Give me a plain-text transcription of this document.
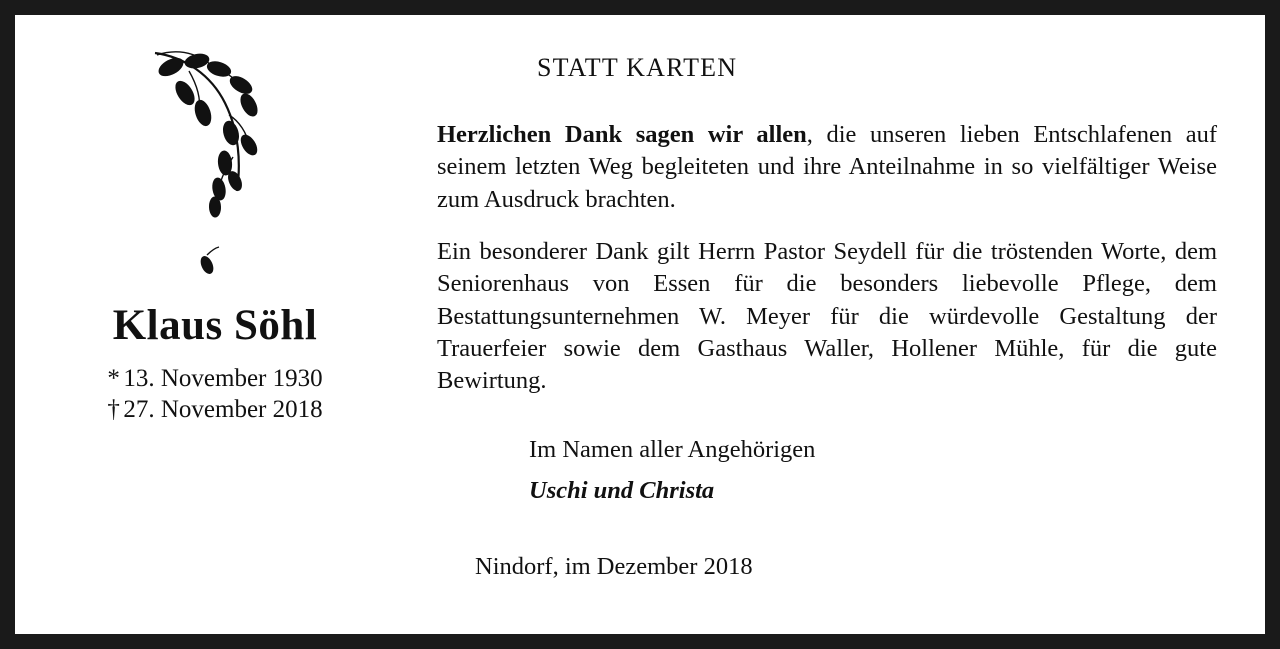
Klaus Söhl
* 13. November 1930
† 27. November 2018
STATT KARTEN

Herzlichen Dank sagen wir allen, die unseren lieben Entschlafenen auf seinem letzten Weg begleiteten und ihre Anteilnahme in so vielfältiger Weise zum Ausdruck brachten.

Ein besonderer Dank gilt Herrn Pastor Seydell für die tröstenden Worte, dem Seniorenhaus von Essen für die besonders liebevolle Pflege, dem Bestattungsunternehmen W. Meyer für die würdevolle Gestaltung der Trauerfeier sowie dem Gasthaus Waller, Hollener Mühle, für die gute Bewirtung.

Im Namen aller Angehörigen
Uschi und Christa
Nindorf, im Dezember 2018
